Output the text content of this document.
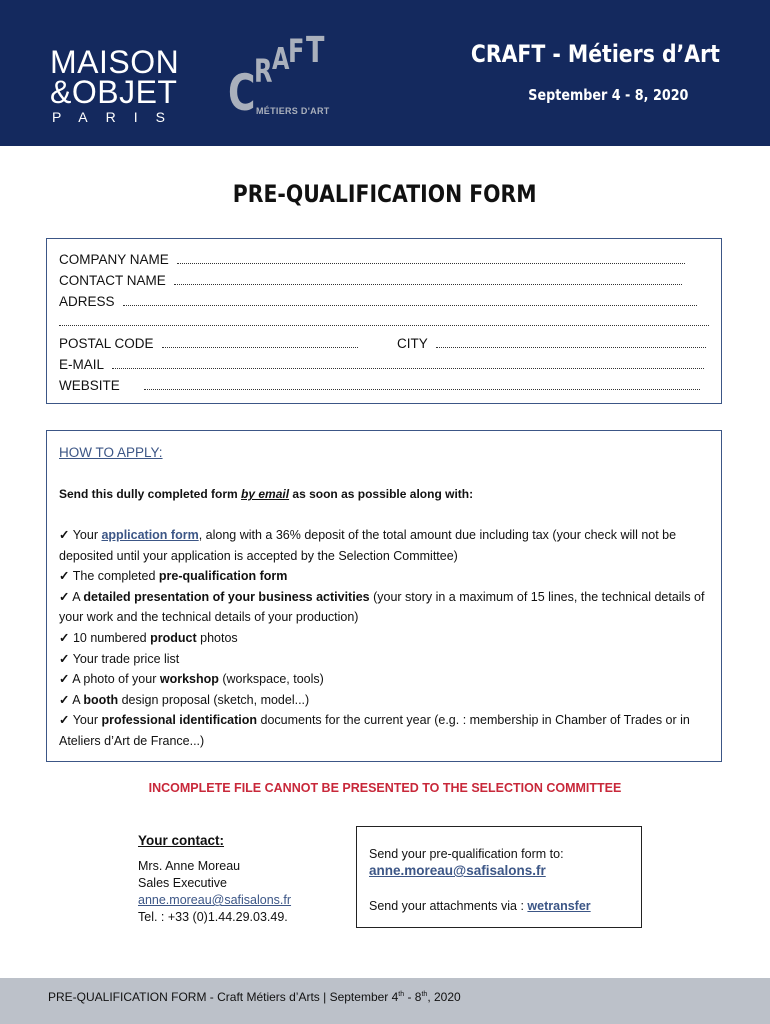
MAISON
&OBJET
PARIS C
R A
F T
MÉTIERS D'ART
CRAFT - Métiers d’Art
September 4 - 8, 2020
PRE-QUALIFICATION FORM
COMPANY NAME
CONTACT NAME
ADRESS
POSTAL CODE	CITY
E-MAIL
WEBSITE
HOW TO APPLY:
Send this dully completed form by email as soon as possible along with:
✓ Your application form, along with a 36% deposit of the total amount due including tax (your check will not be deposited until your application is accepted by the Selection Committee)
✓ The completed pre-qualification form
✓ A detailed presentation of your business activities (your story in a maximum of 15 lines, the technical details of your work and the technical details of your production)
✓ 10 numbered product photos
✓ Your trade price list
✓ A photo of your workshop (workspace, tools)
✓ A booth design proposal (sketch, model...)
✓ Your professional identification documents for the current year (e.g. : membership in Chamber of Trades or in Ateliers d’Art de France...)
INCOMPLETE FILE CANNOT BE PRESENTED TO THE SELECTION COMMITTEE
Your contact:
Mrs. Anne Moreau
Sales Executive
anne.moreau@safisalons.fr
Tel. : +33 (0)1.44.29.03.49.
Send your pre-qualification form to:
anne.moreau@safisalons.fr
Send your attachments via : wetransfer
PRE-QUALIFICATION FORM - Craft Métiers d’Arts | September 4th - 8th, 2020
